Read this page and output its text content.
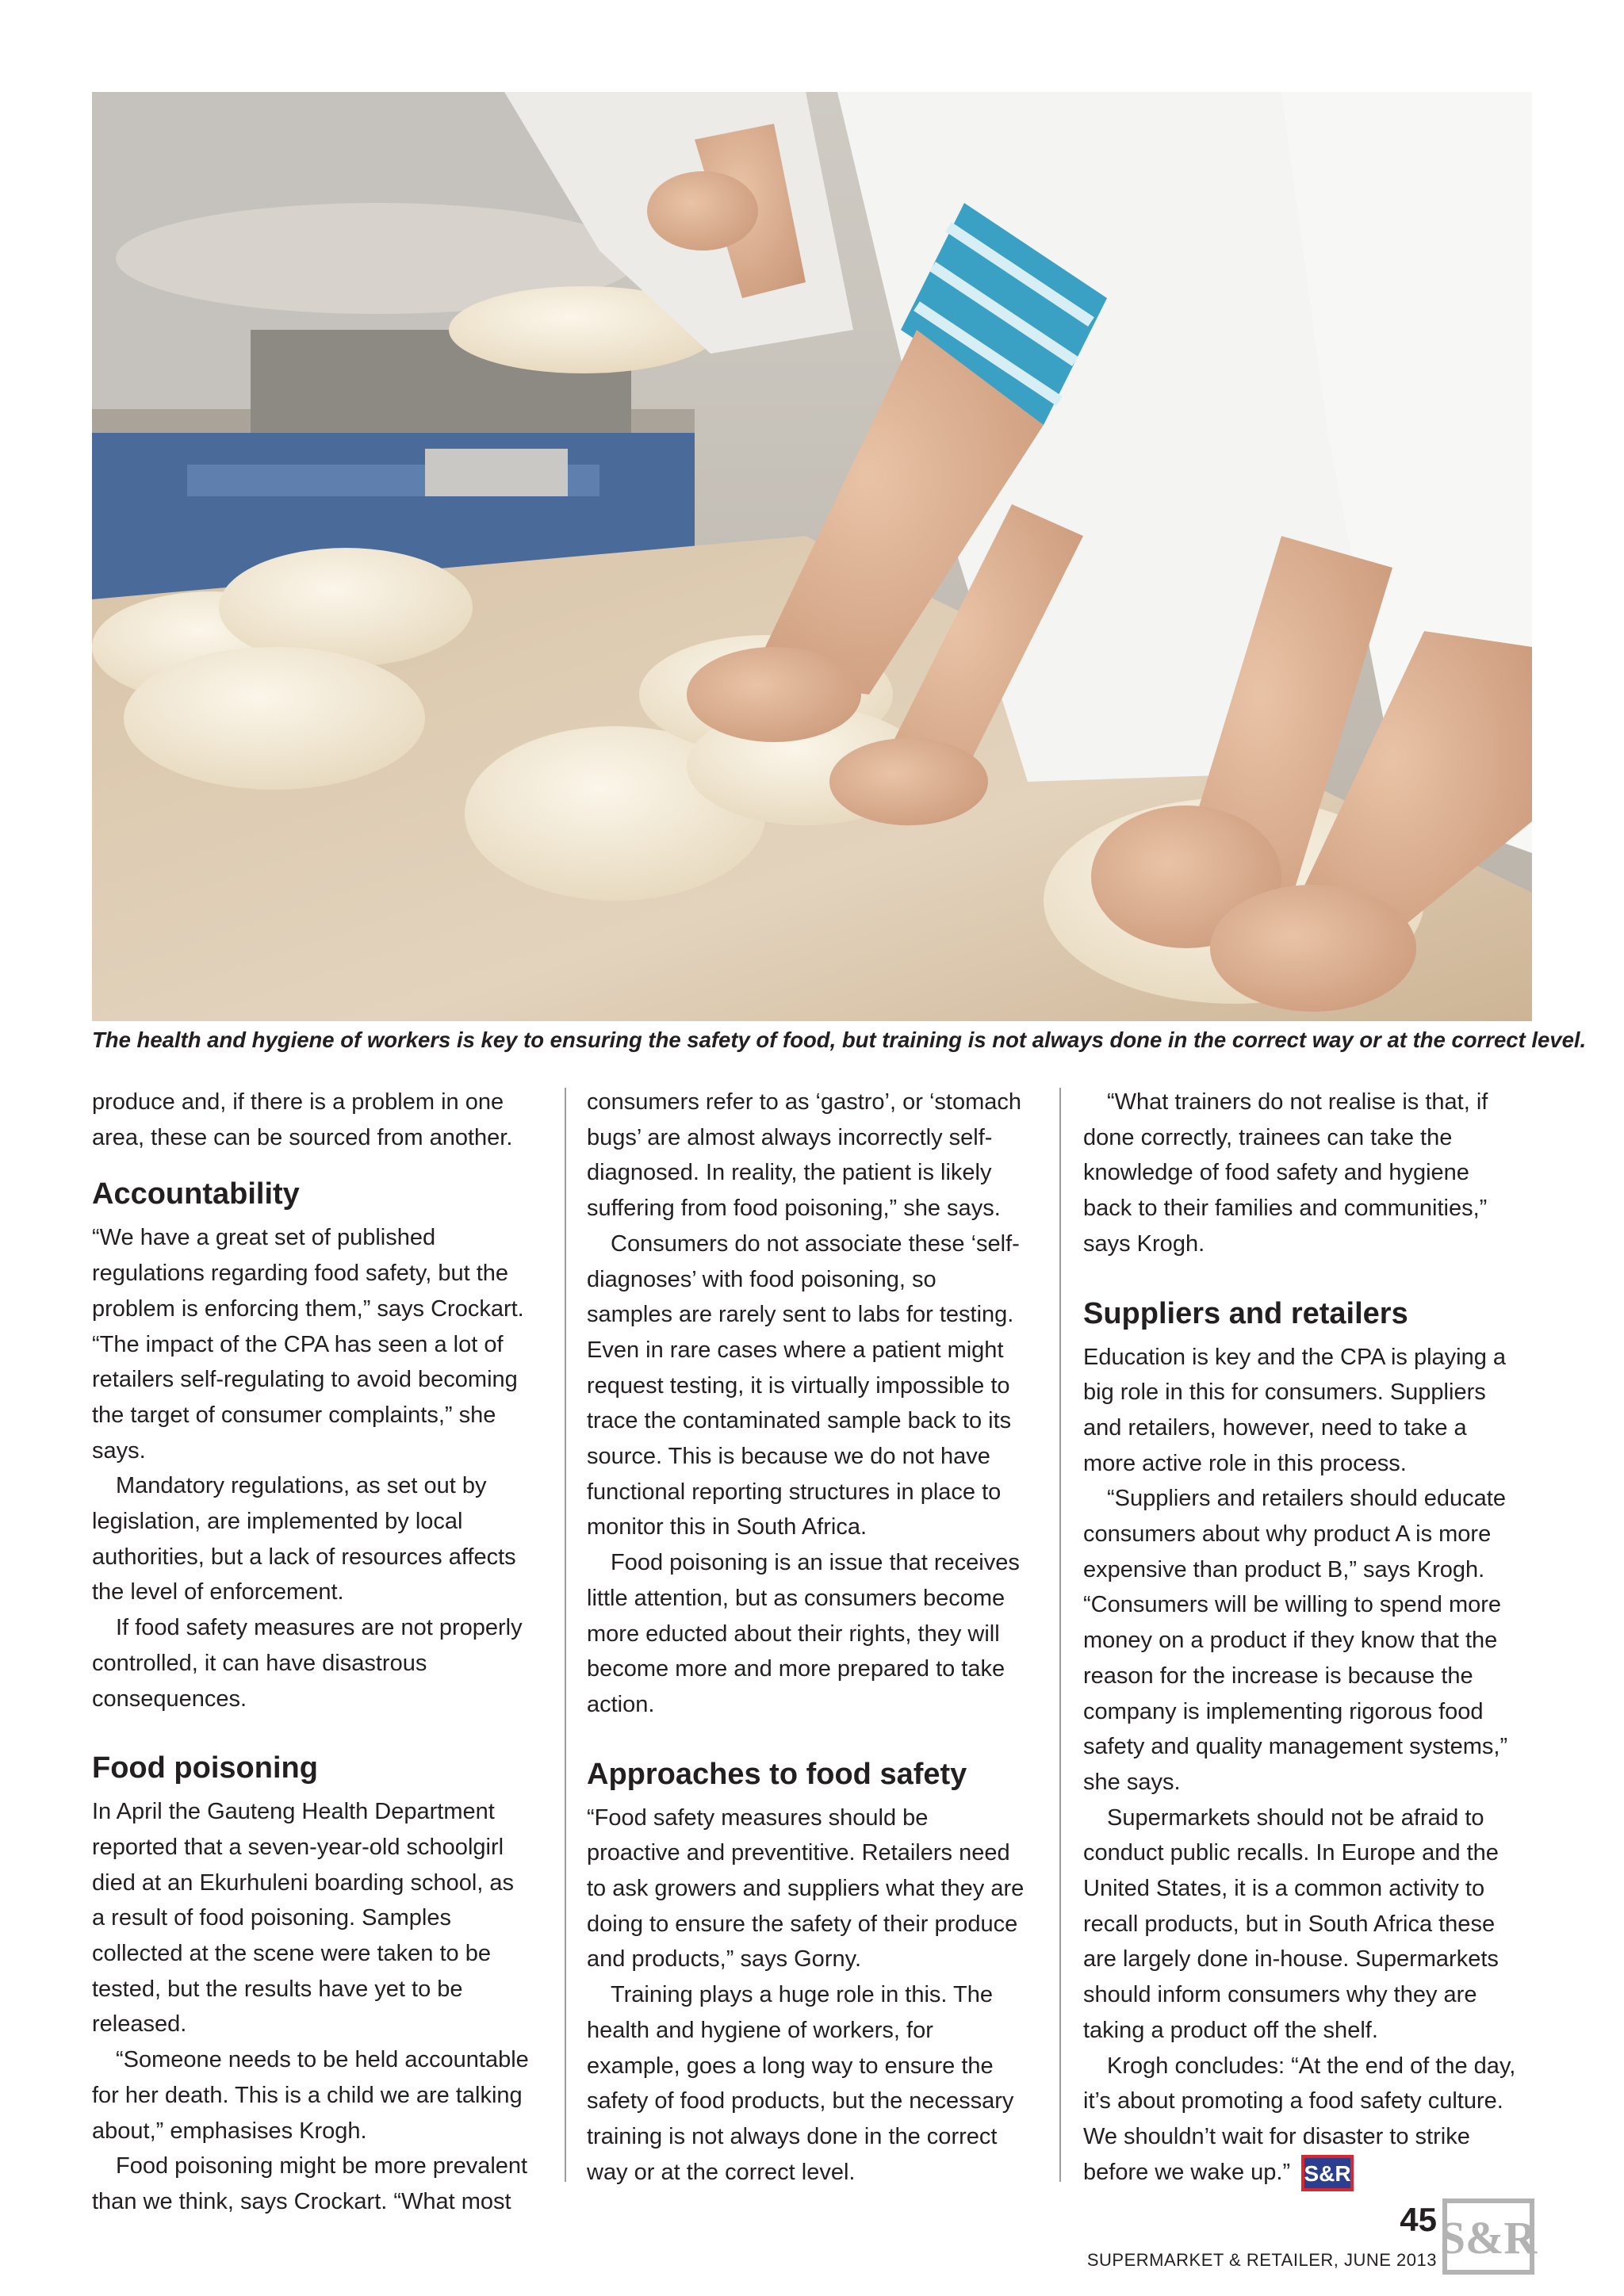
The health and hygiene of workers is key to ensuring the safety of food, but training is not always done in the correct way or at the correct level.

produce and, if there is a problem in one area, these can be sourced from another.

Accountability

“We have a great set of published regulations regarding food safety, but the problem is enforcing them,” says Crockart. “The impact of the CPA has seen a lot of retailers self-regulating to avoid becoming the target of consumer complaints,” she says.

Mandatory regulations, as set out by legislation, are implemented by local authorities, but a lack of resources affects the level of enforcement.

If food safety measures are not properly controlled, it can have disastrous consequences.

Food poisoning

In April the Gauteng Health Department reported that a seven-year-old schoolgirl died at an Ekurhuleni boarding school, as a result of food poisoning. Samples collected at the scene were taken to be tested, but the results have yet to be released.

“Someone needs to be held accountable for her death. This is a child we are talking about,” emphasises Krogh.

Food poisoning might be more prevalent than we think, says Crockart. “What most

consumers refer to as ‘gastro’, or ‘stomach bugs’ are almost always incorrectly self-diagnosed. In reality, the patient is likely suffering from food poisoning,” she says.

Consumers do not associate these ‘self-diagnoses’ with food poisoning, so samples are rarely sent to labs for testing. Even in rare cases where a patient might request testing, it is virtually impossible to trace the contaminated sample back to its source. This is because we do not have functional reporting structures in place to monitor this in South Africa.

Food poisoning is an issue that receives little attention, but as consumers become more educted about their rights, they will become more and more prepared to take action.

Approaches to food safety

“Food safety measures should be proactive and preventitive. Retailers need to ask growers and suppliers what they are doing to ensure the safety of their produce and products,” says Gorny.

Training plays a huge role in this. The health and hygiene of workers, for example, goes a long way to ensure the safety of food products, but the necessary training is not always done in the correct way or at the correct level.

“What trainers do not realise is that, if done correctly, trainees can take the knowledge of food safety and hygiene back to their families and communities,” says Krogh.

Suppliers and retailers

Education is key and the CPA is playing a big role in this for consumers. Suppliers and retailers, however, need to take a more active role in this process.

“Suppliers and retailers should educate consumers about why product A is more expensive than product B,” says Krogh. “Consumers will be willing to spend more money on a product if they know that the reason for the increase is because the company is implementing rigorous food safety and quality management systems,” she says.

Supermarkets should not be afraid to conduct public recalls. In Europe and the United States, it is a common activity to recall products, but in South Africa these are largely done in-house. Supermarkets should inform consumers why they are taking a product off the shelf.

Krogh concludes: “At the end of the day, it’s about promoting a food safety culture. We shouldn’t wait for disaster to strike before we wake up.” S&R

45
SUPERMARKET & RETAILER, JUNE 2013 S&R
